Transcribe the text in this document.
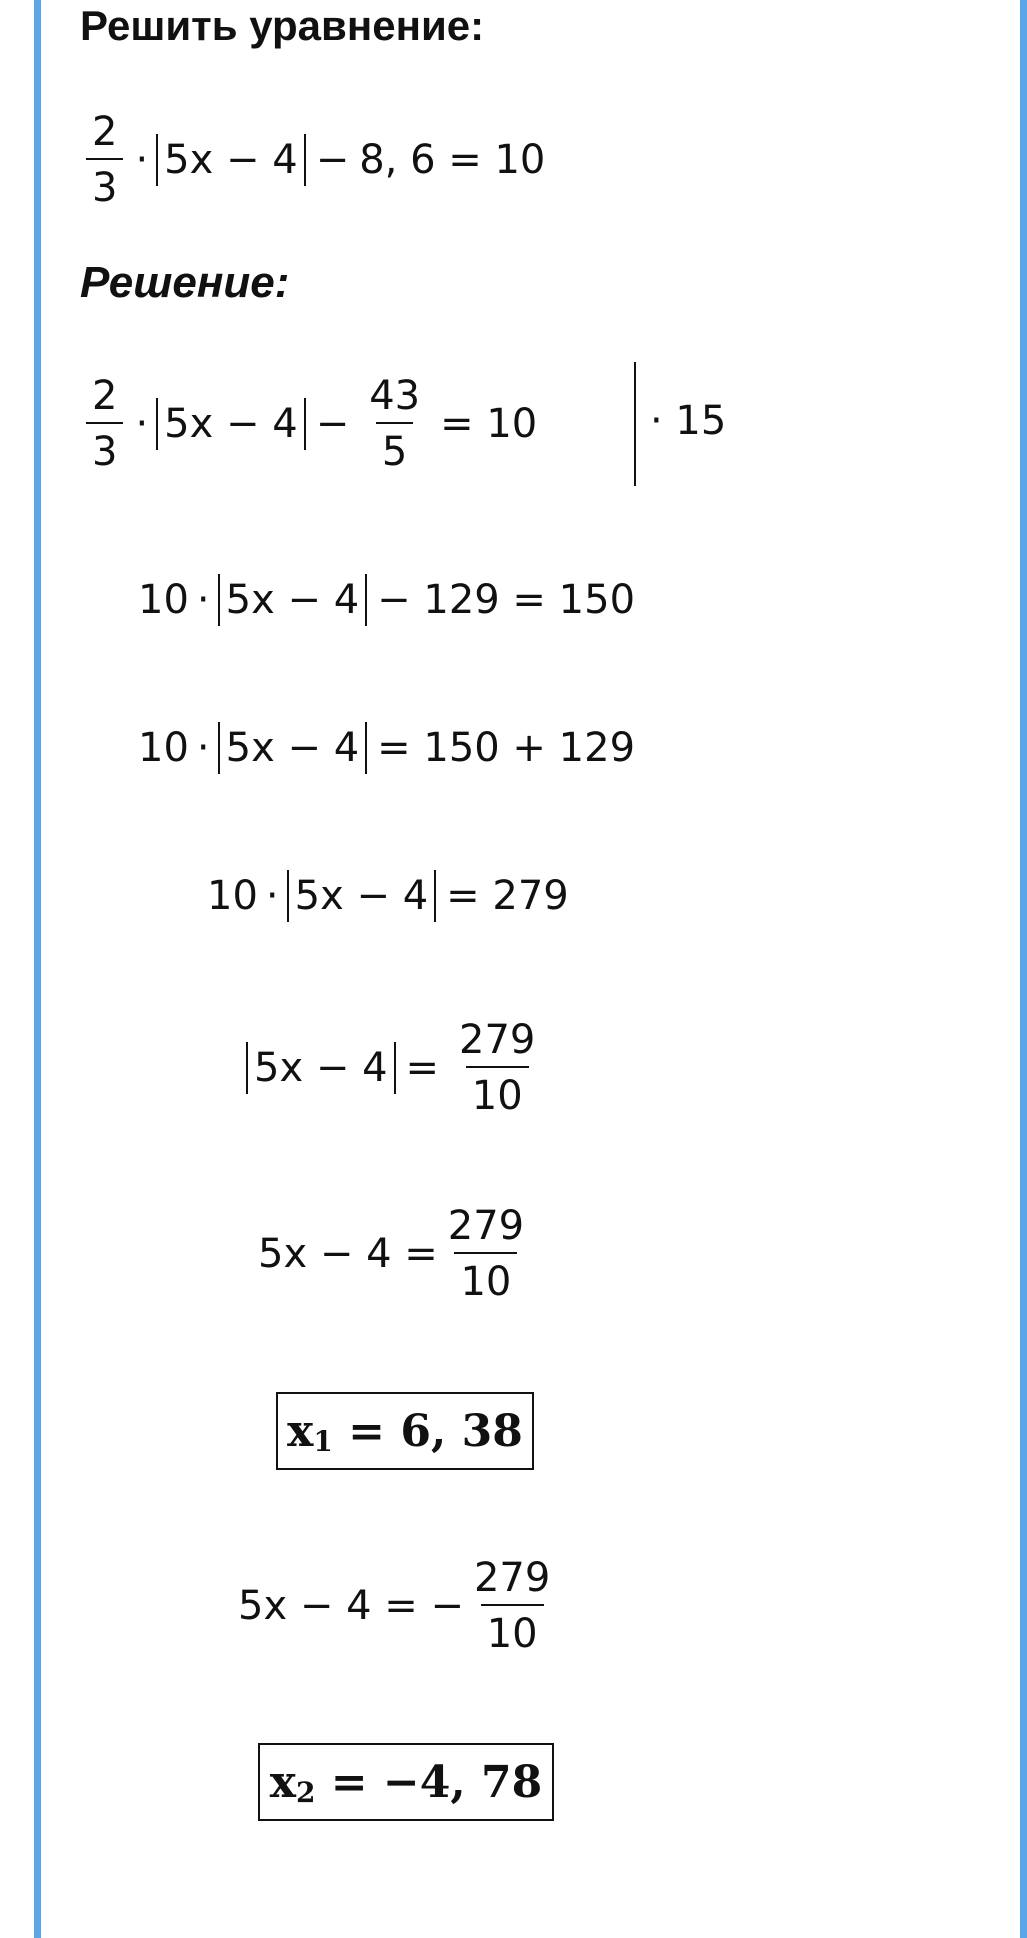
Решить уравнение:
$\frac{2}{3} \cdot 5x - 4 - 8$, 6 = 10
Решение:
$\frac{2}{3} \cdot 5x - 4 - \frac{43}{5} = 10$	· 15
10 · 5x − 4 − 129 = 150
10 · 5x − 4 = 150 + 129
10 · 5x − 4 = 279
$5x - 4 = \frac{279}{10}$
$5x - 4 = \frac{279}{10}$
$x_1 = 6$, 38
5x − 4 = − $\frac{279}{10}$
$x_2 = -4$, 78
